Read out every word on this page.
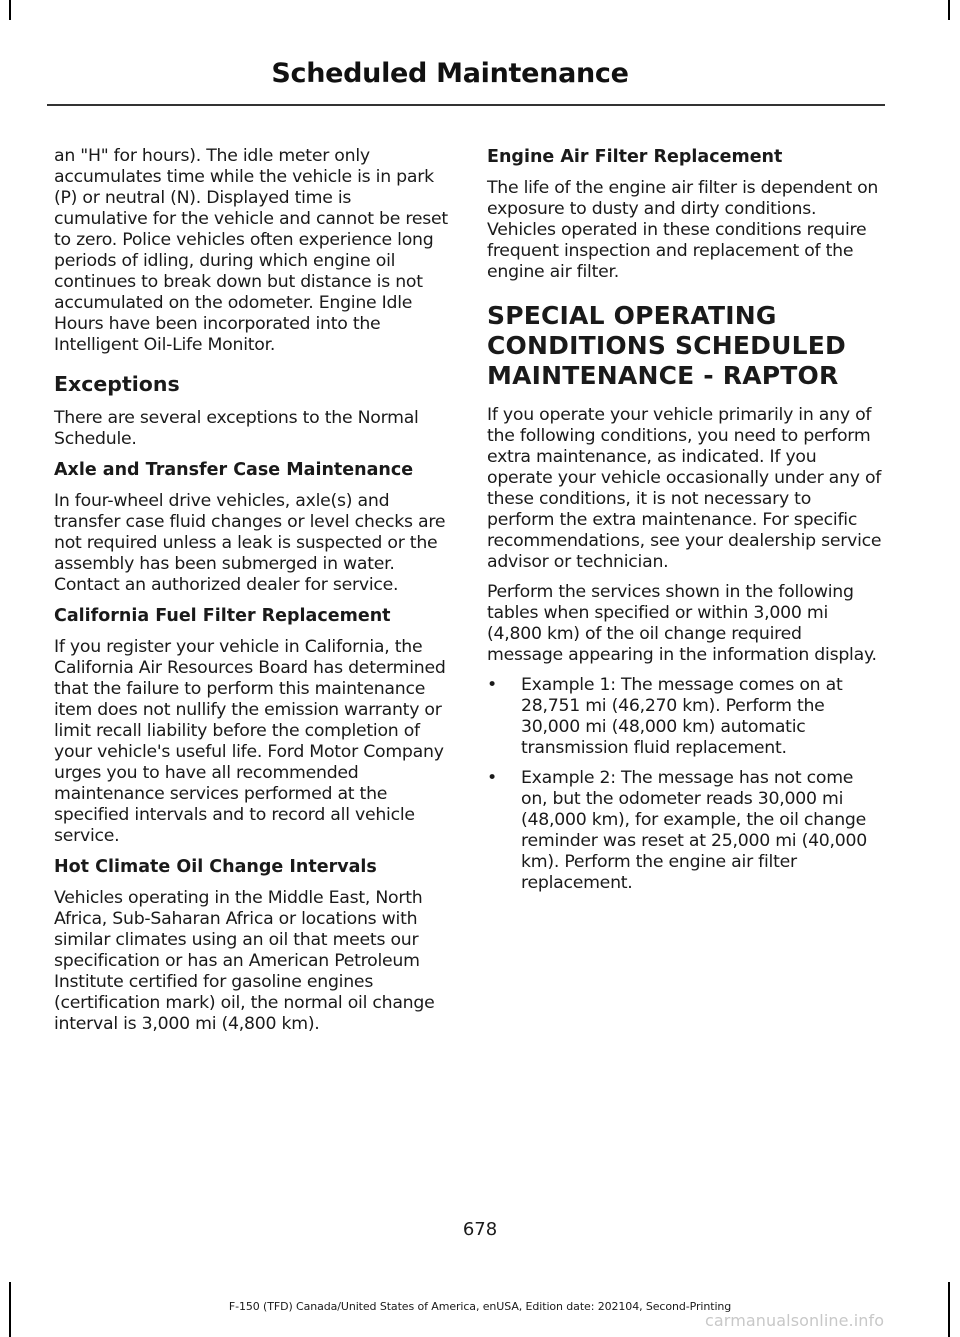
Scheduled Maintenance

an "H" for hours). The idle meter only accumulates time while the vehicle is in park (P) or neutral (N). Displayed time is cumulative for the vehicle and cannot be reset to zero. Police vehicles often experience long periods of idling, during which engine oil continues to break down but distance is not accumulated on the odometer. Engine Idle Hours have been incorporated into the Intelligent Oil-Life Monitor.

Exceptions

There are several exceptions to the Normal Schedule.

Axle and Transfer Case Maintenance

In four-wheel drive vehicles, axle(s) and transfer case fluid changes or level checks are not required unless a leak is suspected or the assembly has been submerged in water. Contact an authorized dealer for service.

California Fuel Filter Replacement

If you register your vehicle in California, the California Air Resources Board has determined that the failure to perform this maintenance item does not nullify the emission warranty or limit recall liability before the completion of your vehicle's useful life. Ford Motor Company urges you to have all recommended maintenance services performed at the specified intervals and to record all vehicle service.

Hot Climate Oil Change Intervals

Vehicles operating in the Middle East, North Africa, Sub-Saharan Africa or locations with similar climates using an oil that meets our specification or has an American Petroleum Institute certified for gasoline engines (certification mark) oil, the normal oil change interval is 3,000 mi (4,800 km).

Engine Air Filter Replacement

The life of the engine air filter is dependent on exposure to dusty and dirty conditions. Vehicles operated in these conditions require frequent inspection and replacement of the engine air filter.

SPECIAL OPERATING CONDITIONS SCHEDULED MAINTENANCE - RAPTOR

If you operate your vehicle primarily in any of the following conditions, you need to perform extra maintenance, as indicated. If you operate your vehicle occasionally under any of these conditions, it is not necessary to perform the extra maintenance. For specific recommendations, see your dealership service advisor or technician.

Perform the services shown in the following tables when specified or within 3,000 mi (4,800 km) of the oil change required message appearing in the information display.

• Example 1: The message comes on at 28,751 mi (46,270 km). Perform the 30,000 mi (48,000 km) automatic transmission fluid replacement.
• Example 2: The message has not come on, but the odometer reads 30,000 mi (48,000 km), for example, the oil change reminder was reset at 25,000 mi (40,000 km). Perform the engine air filter replacement.
678
F-150 (TFD) Canada/United States of America, enUSA, Edition date: 202104, Second-Printing
carmanualsonline.info
